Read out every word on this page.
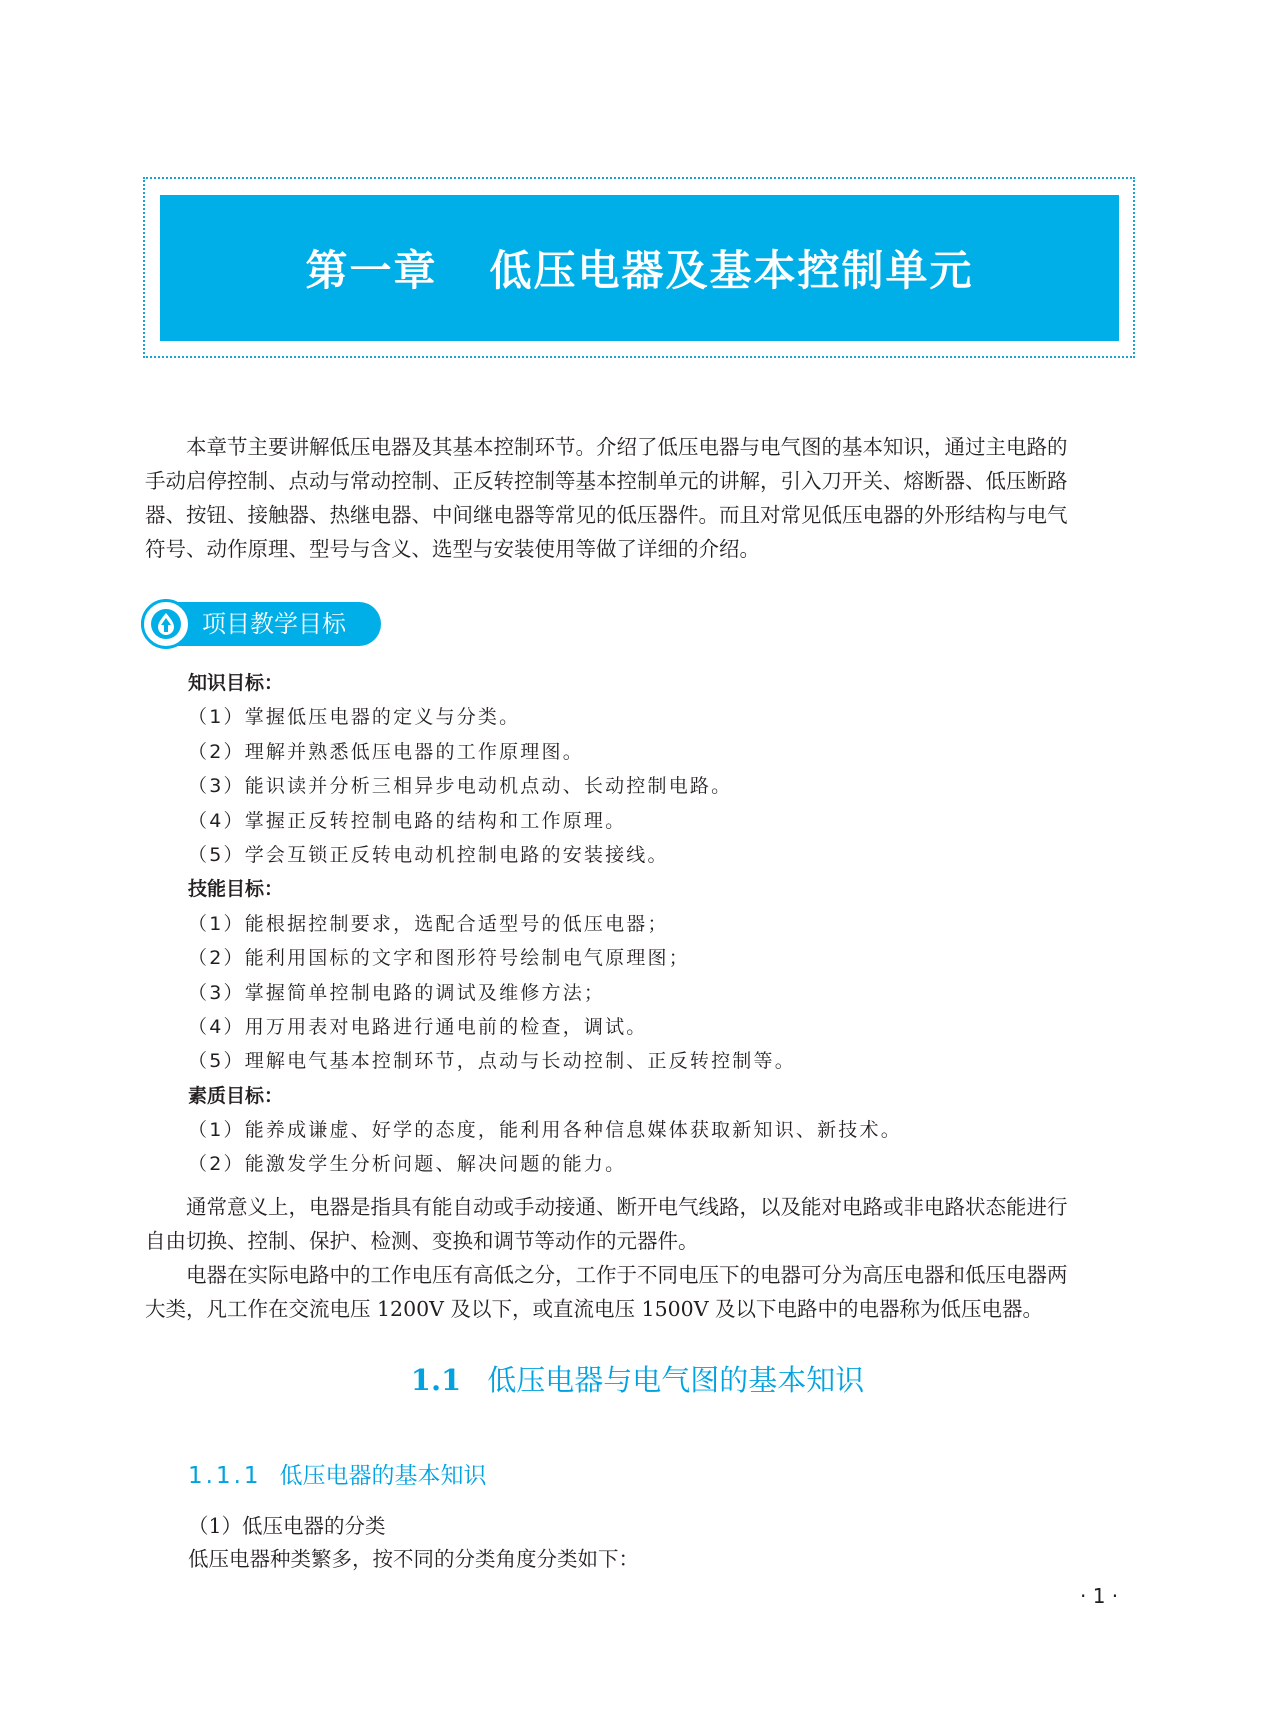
第一章 低压电器及基本控制单元
本章节主要讲解低压电器及其基本控制环节。介绍了低压电器与电气图的基本知识，通过主电路的
手动启停控制、点动与常动控制、正反转控制等基本控制单元的讲解，引入刀开关、熔断器、低压断路
器、按钮、接触器、热继电器、中间继电器等常见的低压器件。而且对常见低压电器的外形结构与电气
符号、动作原理、型号与含义、选型与安装使用等做了详细的介绍。
项目教学目标

知识目标：

（1）掌握低压电器的定义与分类。

（2）理解并熟悉低压电器的工作原理图。

（3）能识读并分析三相异步电动机点动、长动控制电路。

（4）掌握正反转控制电路的结构和工作原理。

（5）学会互锁正反转电动机控制电路的安装接线。

技能目标：

（1）能根据控制要求，选配合适型号的低压电器；

（2）能利用国标的文字和图形符号绘制电气原理图；

（3）掌握简单控制电路的调试及维修方法；

（4）用万用表对电路进行通电前的检查，调试。

（5）理解电气基本控制环节，点动与长动控制、正反转控制等。

素质目标：

（1）能养成谦虚、好学的态度，能利用各种信息媒体获取新知识、新技术。

（2）能激发学生分析问题、解决问题的能力。

通常意义上，电器是指具有能自动或手动接通、断开电气线路，以及能对电路或非电路状态能进行
自由切换、控制、保护、检测、变换和调节等动作的元器件。
电器在实际电路中的工作电压有高低之分，工作于不同电压下的电器可分为高压电器和低压电器两
大类，凡工作在交流电压 1200V 及以下，或直流电压 1500V 及以下电路中的电器称为低压电器。
1.1 低压电器与电气图的基本知识
1.1.1 低压电器的基本知识

（1）低压电器的分类

低压电器种类繁多，按不同的分类角度分类如下：

· 1 ·
